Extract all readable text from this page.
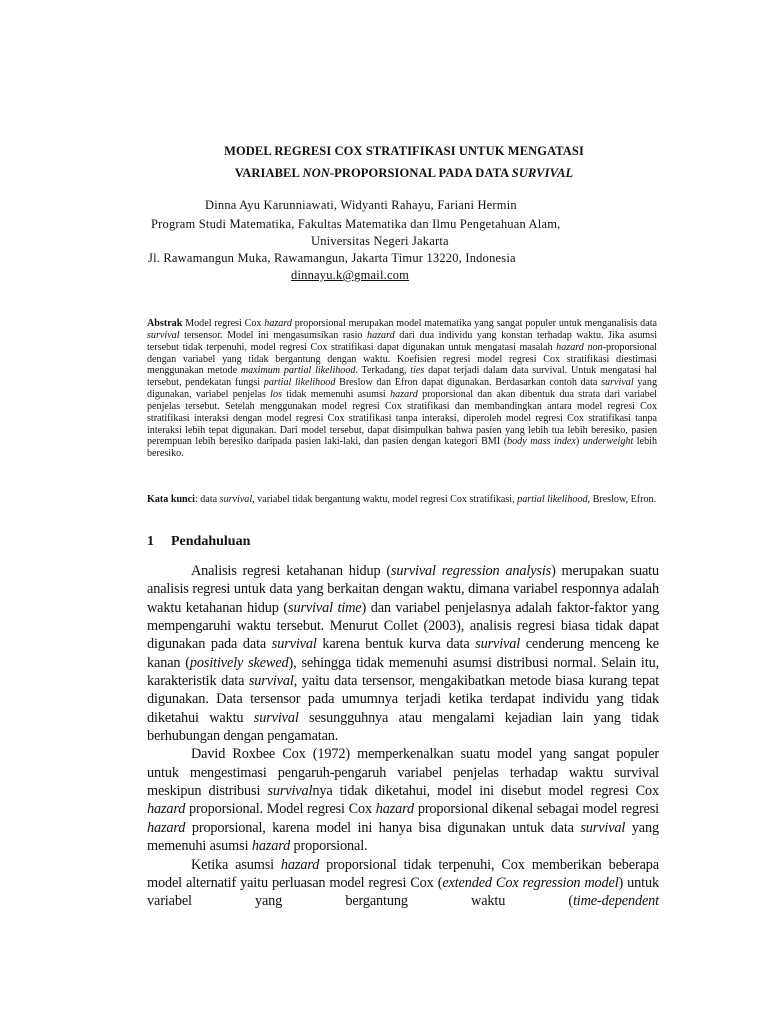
MODEL REGRESI COX STRATIFIKASI UNTUK MENGATASI
VARIABEL NON-PROPORSIONAL PADA DATA SURVIVAL
Dinna Ayu Karunniawati, Widyanti Rahayu, Fariani Hermin
Program Studi Matematika, Fakultas Matematika dan Ilmu Pengetahuan Alam,
Universitas Negeri Jakarta
Jl. Rawamangun Muka, Rawamangun, Jakarta Timur 13220, Indonesia
dinnayu.k@gmail.com
Abstrak Model regresi Cox hazard proporsional merupakan model matematika yang sangat populer untuk menganalisis data survival tersensor. Model ini mengasumsikan rasio hazard dari dua individu yang konstan terhadap waktu. Jika asumsi tersebut tidak terpenuhi, model regresi Cox stratifikasi dapat digunakan untuk mengatasi masalah hazard non-proporsional dengan variabel yang tidak bergantung dengan waktu. Koefisien regresi model regresi Cox stratifikasi diestimasi menggunakan metode maximum partial likelihood. Terkadang, ties dapat terjadi dalam data survival. Untuk mengatasi hal tersebut, pendekatan fungsi partial likelihood Breslow dan Efron dapat digunakan. Berdasarkan contoh data survival yang digunakan, variabel penjelas los tidak memenuhi asumsi hazard proporsional dan akan dibentuk dua strata dari variabel penjelas tersebut. Setelah menggunakan model regresi Cox stratifikasi dan membandingkan antara model regresi Cox stratifikasi interaksi dengan model regresi Cox stratifikasi tanpa interaksi, diperoleh model regresi Cox stratifikasi tanpa interaksi lebih tepat digunakan. Dari model tersebut, dapat disimpulkan bahwa pasien yang lebih tua lebih beresiko, pasien perempuan lebih beresiko daripada pasien laki-laki, dan pasien dengan kategori BMI (body mass index) underweight lebih beresiko.
Kata kunci: data survival, variabel tidak bergantung waktu, model regresi Cox stratifikasi, partial likelihood, Breslow, Efron.
1 Pendahuluan

Analisis regresi ketahanan hidup (survival regression analysis) merupakan suatu analisis regresi untuk data yang berkaitan dengan waktu, dimana variabel responnya adalah waktu ketahanan hidup (survival time) dan variabel penjelasnya adalah faktor-faktor yang mempengaruhi waktu tersebut. Menurut Collet (2003), analisis regresi biasa tidak dapat digunakan pada data survival karena bentuk kurva data survival cenderung menceng ke kanan (positively skewed), sehingga tidak memenuhi asumsi distribusi normal. Selain itu, karakteristik data survival, yaitu data tersensor, mengakibatkan metode biasa kurang tepat digunakan. Data tersensor pada umumnya terjadi ketika terdapat individu yang tidak diketahui waktu survival sesungguhnya atau mengalami kejadian lain yang tidak berhubungan dengan pengamatan.

David Roxbee Cox (1972) memperkenalkan suatu model yang sangat populer untuk mengestimasi pengaruh-pengaruh variabel penjelas terhadap waktu survival meskipun distribusi survivalnya tidak diketahui, model ini disebut model regresi Cox hazard proporsional. Model regresi Cox hazard proporsional dikenal sebagai model regresi hazard proporsional, karena model ini hanya bisa digunakan untuk data survival yang memenuhi asumsi hazard proporsional.

Ketika asumsi hazard proporsional tidak terpenuhi, Cox memberikan beberapa model alternatif yaitu perluasan model regresi Cox (extended Cox regression model) untuk variabel yang bergantung waktu (time-dependent
